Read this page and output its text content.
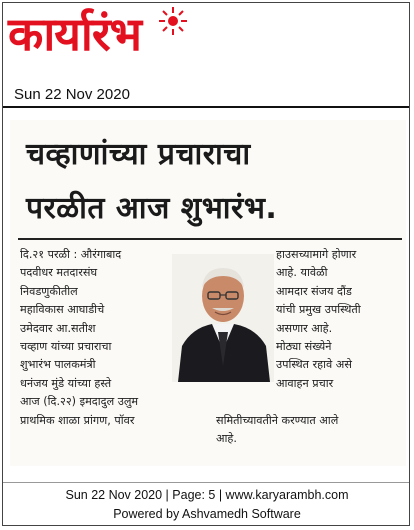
कार्यारंभ
Sun 22 Nov 2020
चव्हाणांच्या प्रचाराचा
परळीत आज शुभारंभ.
दि.२१ परळी : औरंगाबाद
पदवीधर मतदारसंघ
निवडणुकीतील
महाविकास आघाडीचे
उमेदवार आ.सतीश
चव्हाण यांच्या प्रचाराचा
शुभारंभ पालकमंत्री
धनंजय मुंडे यांच्या हस्ते
आज (दि.२२) इमदादुल उलुम
प्राथमिक शाळा प्रांगण, पॉवर
हाउसच्यामागे होणार
आहे. यावेळी
आमदार संजय दौंड
यांची प्रमुख उपस्थिती
असणार आहे.
मोठ्या संख्येने
उपस्थित रहावे असे
आवाहन प्रचार
समितीच्यावतीने करण्यात आले
आहे.
Sun 22 Nov 2020 | Page: 5 | www.karyarambh.com
Powered by Ashvamedh Software
